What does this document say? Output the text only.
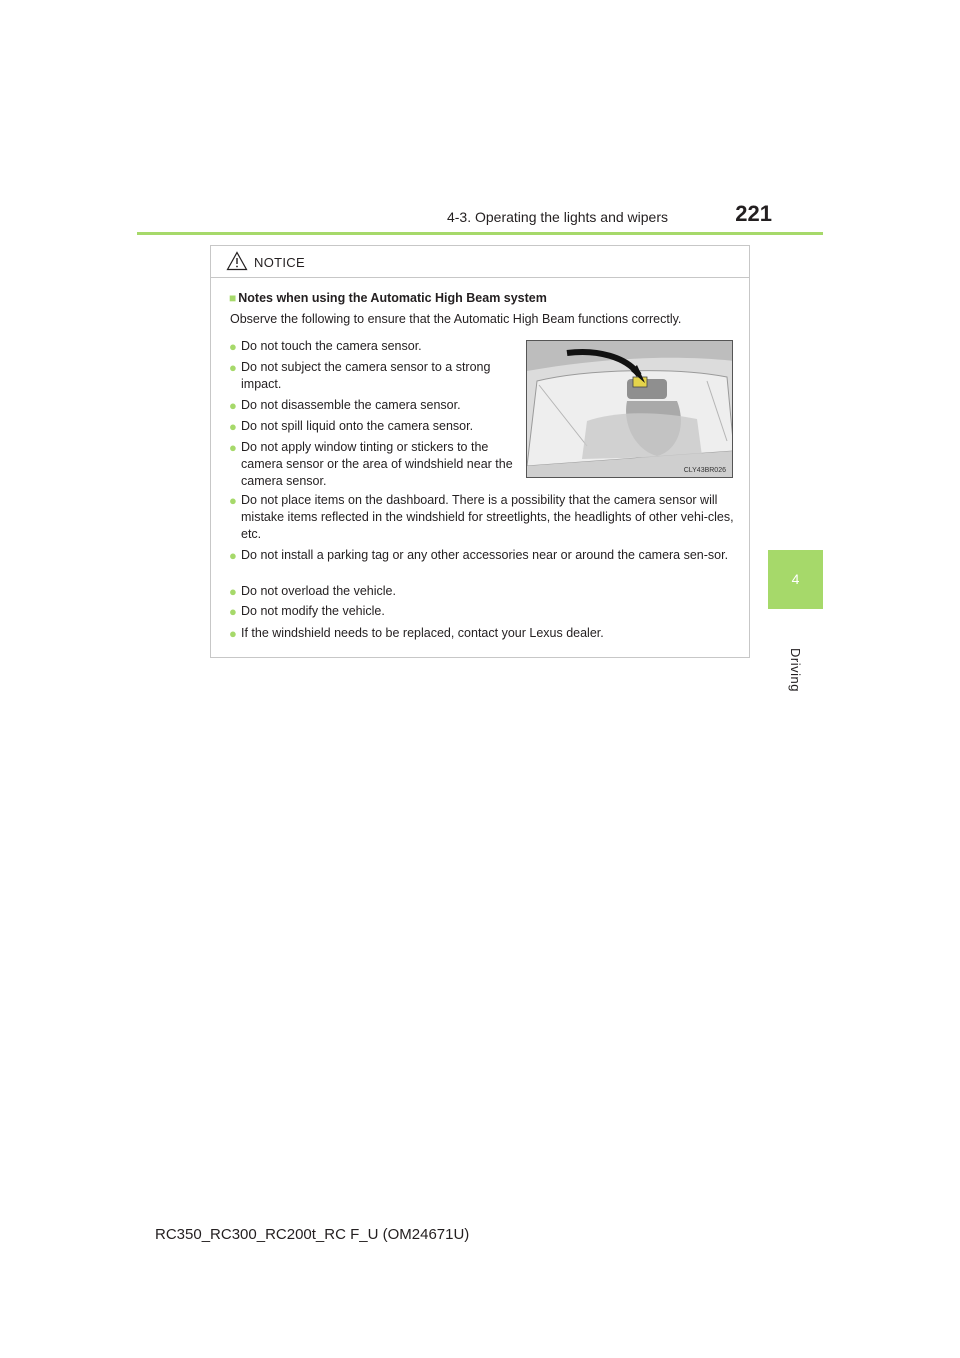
4-3. Operating the lights and wipers	221
4
Driving
NOTICE
■ Notes when using the Automatic High Beam system
Observe the following to ensure that the Automatic High Beam functions correctly.
● Do not touch the camera sensor.
● Do not subject the camera sensor to a strong impact.
● Do not disassemble the camera sensor.
● Do not spill liquid onto the camera sensor.
● Do not apply window tinting or stickers to the camera sensor or the area of windshield near the camera sensor.
CLY43BR026
● Do not place items on the dashboard. There is a possibility that the camera sensor will mistake items reflected in the windshield for streetlights, the headlights of other vehi-cles, etc.
● Do not install a parking tag or any other accessories near or around the camera sen-sor.
● Do not overload the vehicle.
● Do not modify the vehicle.
● If the windshield needs to be replaced, contact your Lexus dealer.
RC350_RC300_RC200t_RC F_U (OM24671U)
